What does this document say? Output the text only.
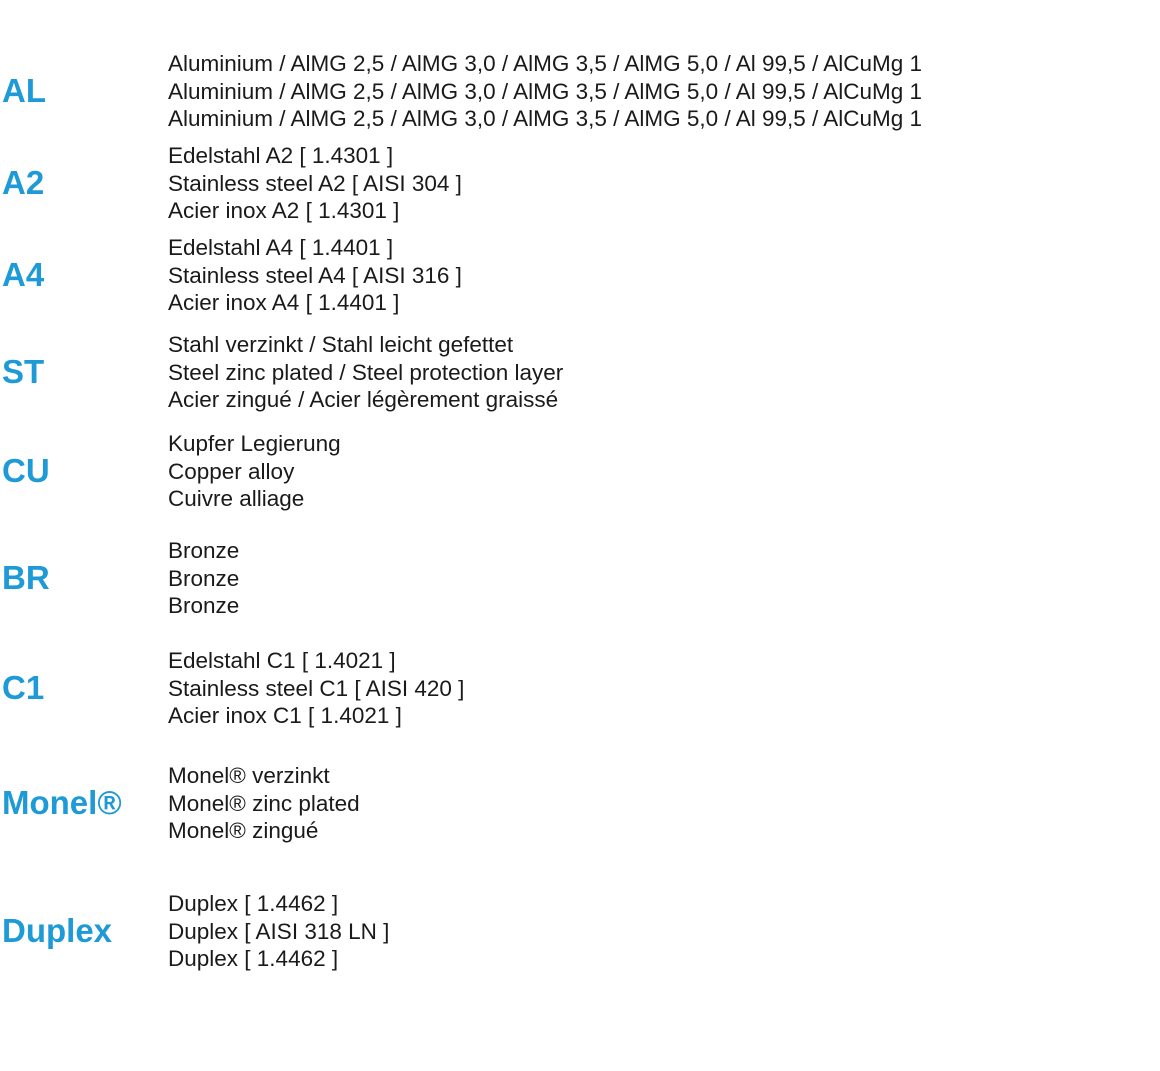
AL
Aluminium / AlMG 2,5 / AlMG 3,0 / AlMG 3,5 / AlMG 5,0 / Al 99,5 / AlCuMg 1
Aluminium / AlMG 2,5 / AlMG 3,0 / AlMG 3,5 / AlMG 5,0 / Al 99,5 / AlCuMg 1
Aluminium / AlMG 2,5 / AlMG 3,0 / AlMG 3,5 / AlMG 5,0 / Al 99,5 / AlCuMg 1
A2
Edelstahl A2 [ 1.4301 ]
Stainless steel A2 [ AISI 304 ]
Acier inox A2 [ 1.4301 ]
A4
Edelstahl A4 [ 1.4401 ]
Stainless steel A4 [ AISI 316 ]
Acier inox A4 [ 1.4401 ]
ST
Stahl verzinkt / Stahl leicht gefettet
Steel zinc plated / Steel protection layer
Acier zingué / Acier légèrement graissé
CU
Kupfer Legierung
Copper alloy
Cuivre alliage
BR
Bronze
Bronze
Bronze
C1
Edelstahl C1 [ 1.4021 ]
Stainless steel C1 [ AISI 420 ]
Acier inox C1 [ 1.4021 ]
Monel®
Monel® verzinkt
Monel® zinc plated
Monel® zingué
Duplex
Duplex [ 1.4462 ]
Duplex [ AISI 318 LN ]
Duplex [ 1.4462 ]
